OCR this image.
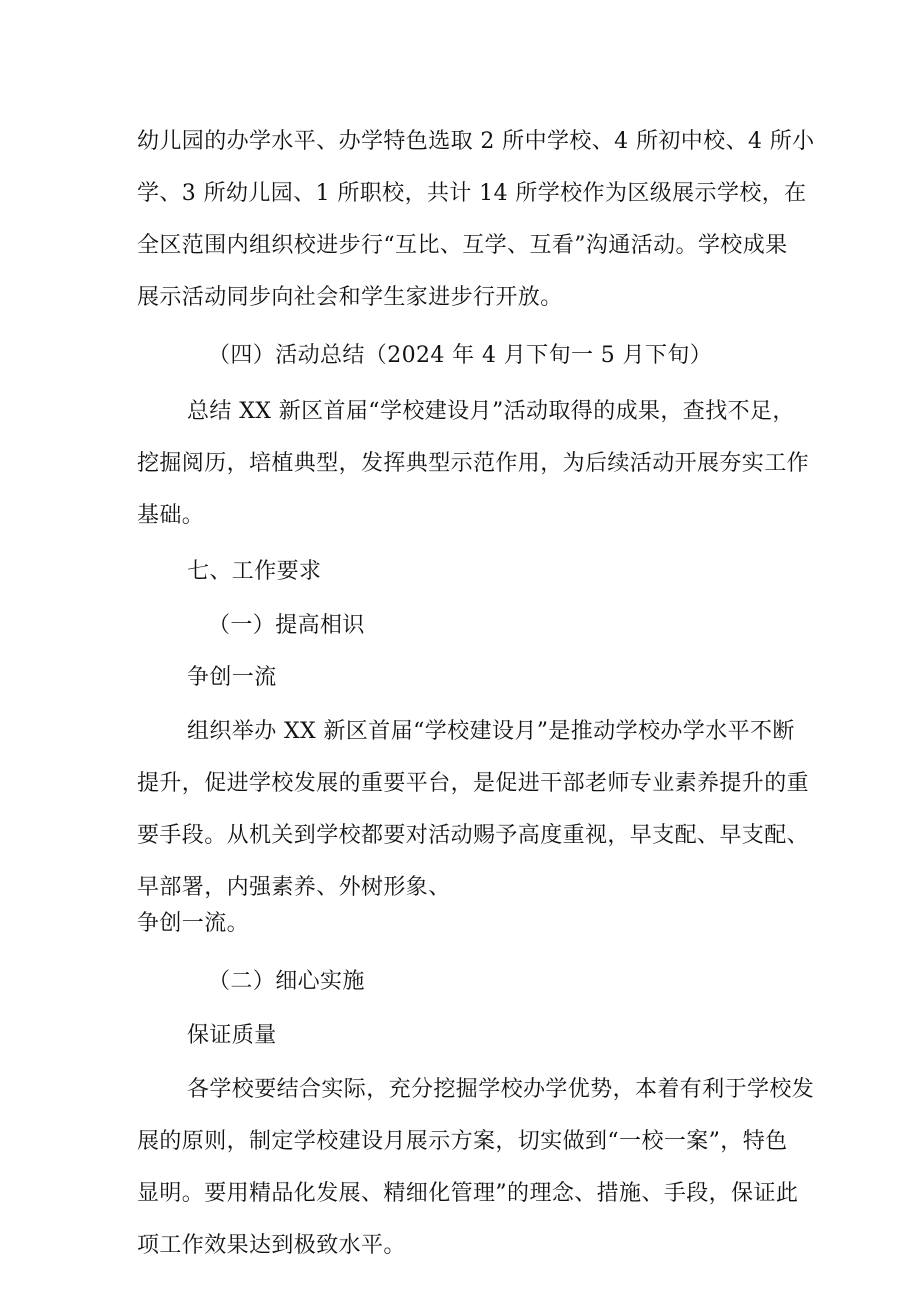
幼儿园的办学水平、办学特色选取 2 所中学校、4 所初中校、4 所小
学、3 所幼儿园、1 所职校，共计 14 所学校作为区级展示学校，在
全区范围内组织校进步行“互比、互学、互看”沟通活动。学校成果
展示活动同步向社会和学生家进步行开放。
（四）活动总结（2024 年 4 月下旬一 5 月下旬）
总结 XX 新区首届“学校建设月”活动取得的成果，查找不足，
挖掘阅历，培植典型，发挥典型示范作用，为后续活动开展夯实工作
基础。
七、工作要求
（一）提高相识
争创一流
组织举办 XX 新区首届“学校建设月”是推动学校办学水平不断
提升，促进学校发展的重要平台，是促进干部老师专业素养提升的重
要手段。从机关到学校都要对活动赐予高度重视，早支配、早支配、
早部署，内强素养、外树形象、
争创一流。
（二）细心实施
保证质量
各学校要结合实际，充分挖掘学校办学优势，本着有利于学校发
展的原则，制定学校建设月展示方案，切实做到“一校一案”，特色
显明。要用精品化发展、精细化管理”的理念、措施、手段，保证此
项工作效果达到极致水平。
